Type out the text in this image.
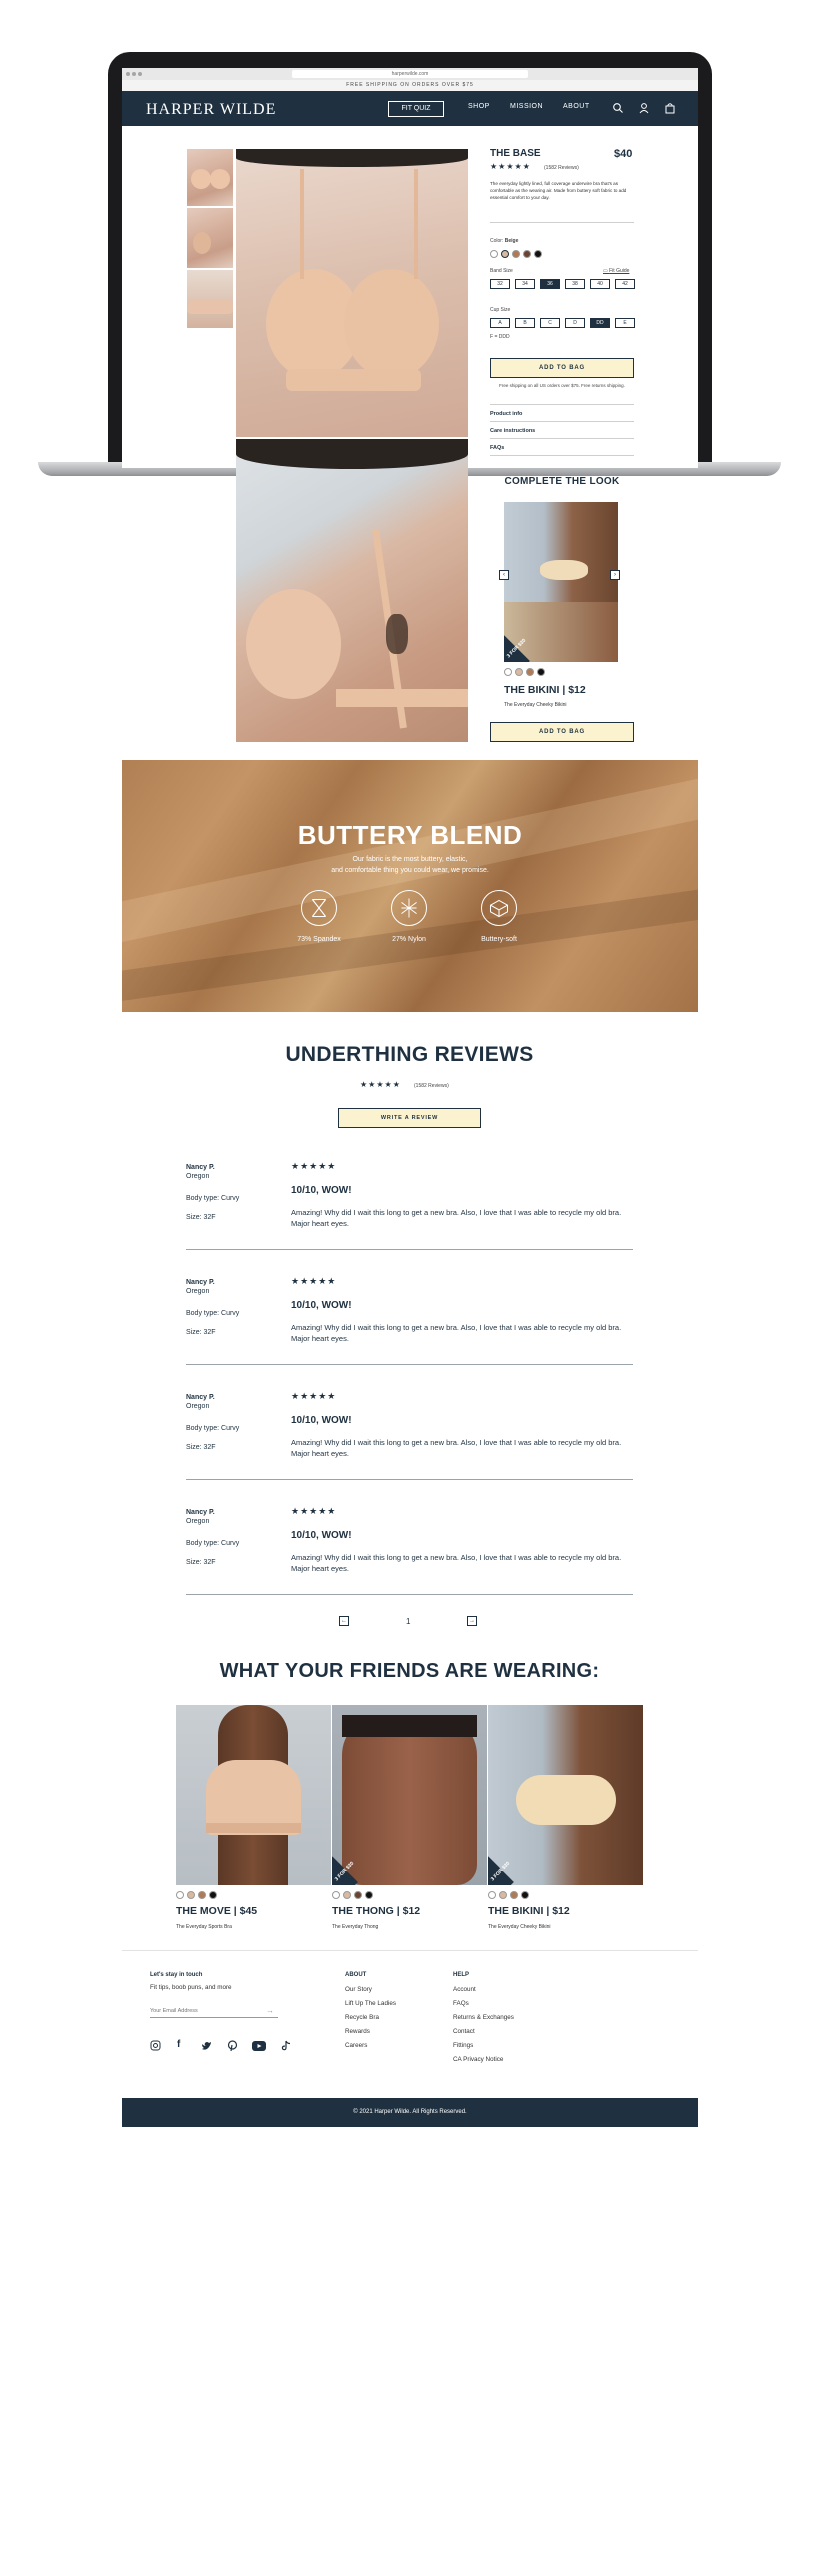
harperwilde.com
FREE SHIPPING ON ORDERS OVER $75
HARPER WILDE	FIT QUIZ	SHOP	MISSION	ABOUT
THE BASE	$40
★★★★★	(1582 Reviews)
The everyday lightly lined, full coverage underwire bra that's as comfortable as the wearing air. Made from buttery soft fabric to add essential comfort to your day.
Color: Beige
Band Size	▭ Fit Guide
32	34	36	38	40	42
Cup Size
A	B	C	D	DD	E
F = DDD
ADD TO BAG
Free shipping on all US orders over $75. Free returns shipping.
Product info
Care instructions
FAQs
COMPLETE THE LOOK
3 FOR $30
‹	›
THE BIKINI | $12
The Everyday Cheeky Bikini
ADD TO BAG
BUTTERY BLEND
Our fabric is the most buttery, elastic,
and comfortable thing you could wear, we promise.
73% Spandex	27% Nylon	Buttery-soft
UNDERTHING REVIEWS
★★★★★	(1582 Reviews)
WRITE A REVIEW
Nancy P.
Oregon
Body type: Curvy
Size: 32F
★★★★★
10/10, WOW!
Amazing! Why did I wait this long to get a new bra. Also, I love that I was able to recycle my old bra. Major heart eyes.
Nancy P.
Oregon
Body type: Curvy
Size: 32F
★★★★★
10/10, WOW!
Amazing! Why did I wait this long to get a new bra. Also, I love that I was able to recycle my old bra. Major heart eyes.
Nancy P.
Oregon
Body type: Curvy
Size: 32F
★★★★★
10/10, WOW!
Amazing! Why did I wait this long to get a new bra. Also, I love that I was able to recycle my old bra. Major heart eyes.
Nancy P.
Oregon
Body type: Curvy
Size: 32F
★★★★★
10/10, WOW!
Amazing! Why did I wait this long to get a new bra. Also, I love that I was able to recycle my old bra. Major heart eyes.
←	1	→
WHAT YOUR FRIENDS ARE WEARING:
3 FOR $30	3 FOR $30
THE MOVE | $45
The Everyday Sports Bra
THE THONG | $12
The Everyday Thong
THE BIKINI | $12
The Everyday Cheeky Bikini
Let's stay in touch
Fit tips, boob puns, and more
Your Email Address
→
f
ABOUT
Our Story
Lift Up The Ladies
Recycle Bra
Rewards
Careers
HELP
Account
FAQs
Returns & Exchanges
Contact
Fittings
CA Privacy Notice
© 2021 Harper Wilde. All Rights Reserved.
